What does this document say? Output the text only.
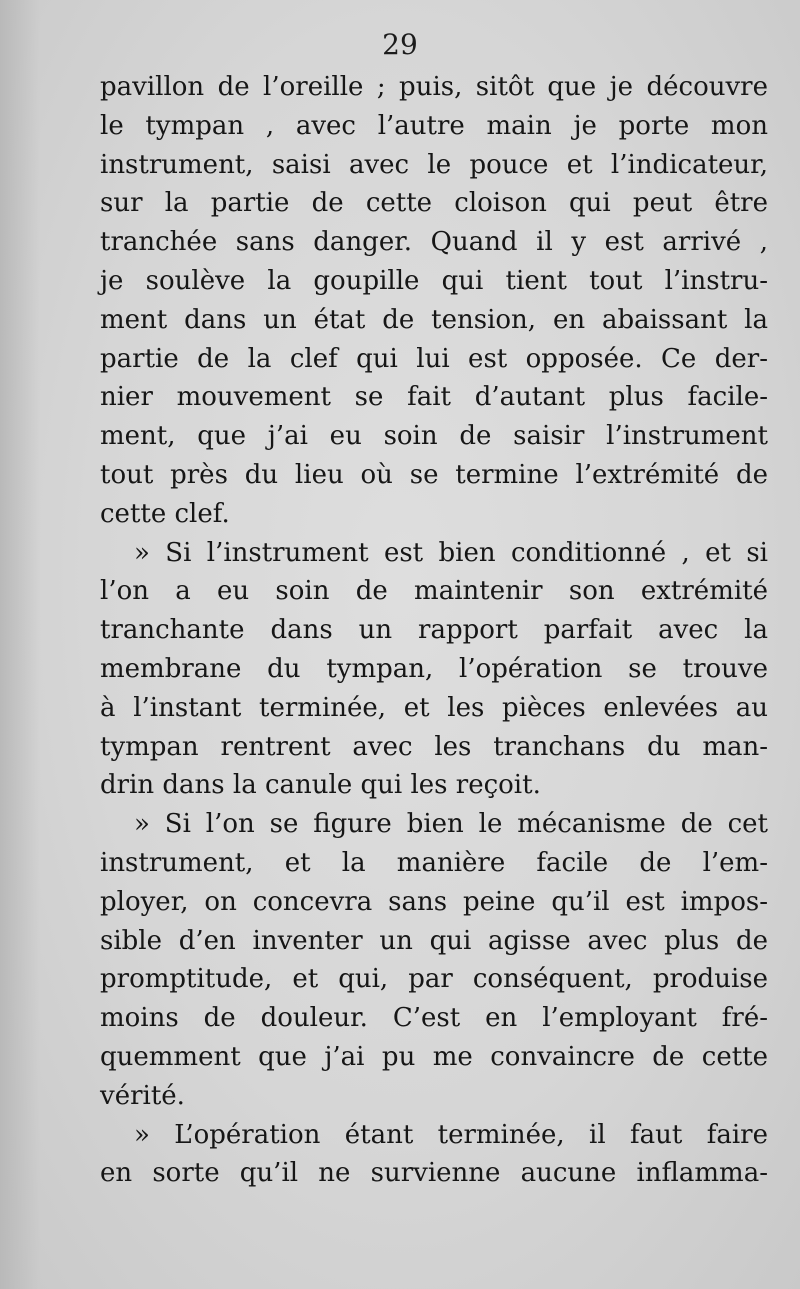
29
pavillon de l’oreille ; puis, sitôt que je découvre
le tympan , avec l’autre main je porte mon
instrument, saisi avec le pouce et l’indicateur,
sur la partie de cette cloison qui peut être
tranchée sans danger. Quand il y est arrivé ,
je soulève la goupille qui tient tout l’instru-
ment dans un état de tension, en abaissant la
partie de la clef qui lui est opposée. Ce der-
nier mouvement se fait d’autant plus facile-
ment, que j’ai eu soin de saisir l’instrument
tout près du lieu où se termine l’extrémité de
cette clef.
» Si l’instrument est bien conditionné , et si
l’on a eu soin de maintenir son extrémité
tranchante dans un rapport parfait avec la
membrane du tympan, l’opération se trouve
à l’instant terminée, et les pièces enlevées au
tympan rentrent avec les tranchans du man-
drin dans la canule qui les reçoit.
» Si l’on se figure bien le mécanisme de cet
instrument, et la manière facile de l’em-
ployer, on concevra sans peine qu’il est impos-
sible d’en inventer un qui agisse avec plus de
promptitude, et qui, par conséquent, produise
moins de douleur. C’est en l’employant fré-
quemment que j’ai pu me convaincre de cette
vérité.
» L’opération étant terminée, il faut faire
en sorte qu’il ne survienne aucune inflamma-
